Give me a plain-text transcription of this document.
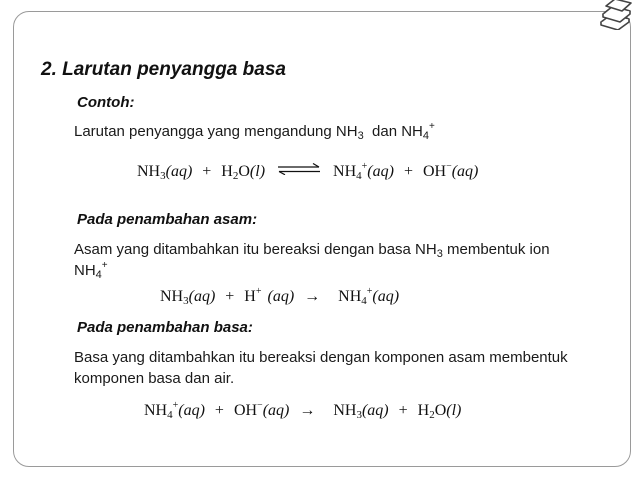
2. Larutan penyangga basa
Contoh:
Larutan penyangga yang mengandung $NH_3$  dan $NH_4^+$
$NH_3(aq) + H_2O(l)$ ⇌ $NH_4^+(aq) + OH^-(aq)$
Pada penambahan asam:
Asam yang ditambahkan itu bereaksi dengan basa $NH_3$ membentuk ion
$NH_4^+$
$NH_3(aq) + H^+$ $(aq) \to NH_4^+(aq)$
Pada penambahan basa:
Basa yang ditambahkan itu bereaksi dengan komponen asam membentuk
komponen basa dan air.
$NH_4^+(aq) + OH^-(aq) \to NH_3(aq) + H_2O(l)$
